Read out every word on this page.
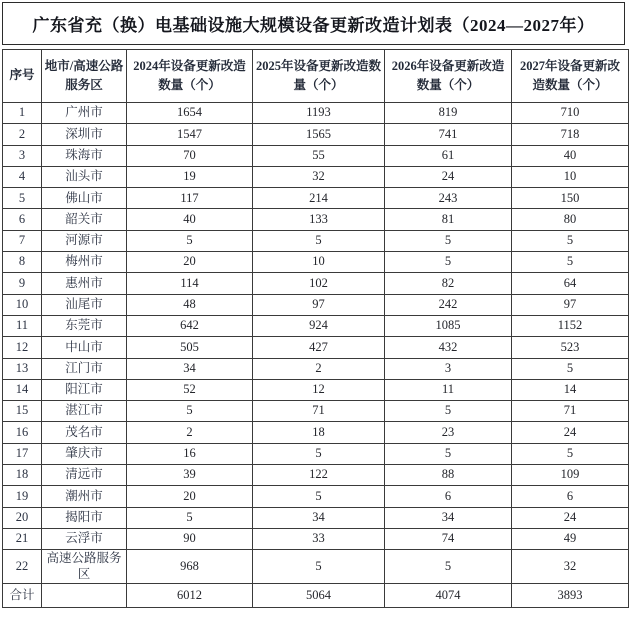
广东省充（换）电基础设施大规模设备更新改造计划表（2024—2027年）
序号	地市/高速公路服务区	2024年设备更新改造数量（个）	2025年设备更新改造数量（个）	2026年设备更新改造数量（个）	2027年设备更新改造数量（个）
1	广州市	1654	1193	819	710
2	深圳市	1547	1565	741	718
3	珠海市	70	55	61	40
4	汕头市	19	32	24	10
5	佛山市	117	214	243	150
6	韶关市	40	133	81	80
7	河源市	5	5	5	5
8	梅州市	20	10	5	5
9	惠州市	114	102	82	64
10	汕尾市	48	97	242	97
11	东莞市	642	924	1085	1152
12	中山市	505	427	432	523
13	江门市	34	2	3	5
14	阳江市	52	12	11	14
15	湛江市	5	71	5	71
16	茂名市	2	18	23	24
17	肇庆市	16	5	5	5
18	清远市	39	122	88	109
19	潮州市	20	5	6	6
20	揭阳市	5	34	34	24
21	云浮市	90	33	74	49
22	高速公路服务区	968	5	5	32
合计		6012	5064	4074	3893
